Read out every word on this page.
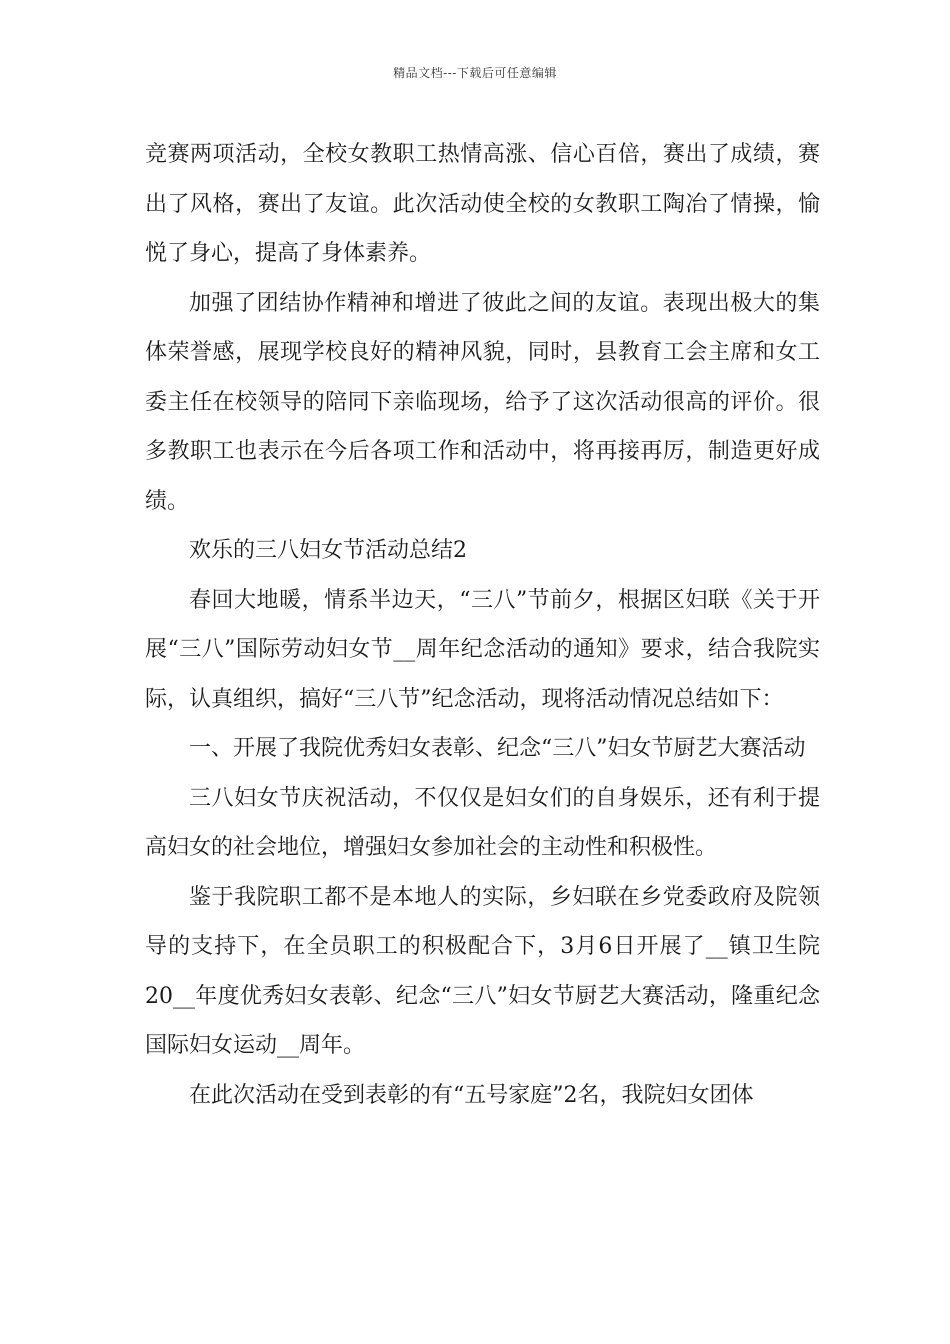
精品文档---下载后可任意编辑

竞赛两项活动，全校女教职工热情高涨、信心百倍，赛出了成绩，赛出了风格，赛出了友谊。此次活动使全校的女教职工陶冶了情操，愉悦了身心，提高了身体素养。

加强了团结协作精神和增进了彼此之间的友谊。表现出极大的集体荣誉感，展现学校良好的精神风貌，同时，县教育工会主席和女工委主任在校领导的陪同下亲临现场，给予了这次活动很高的评价。很多教职工也表示在今后各项工作和活动中，将再接再厉，制造更好成绩。

欢乐的三八妇女节活动总结2

春回大地暖，情系半边天，“三八”节前夕，根据区妇联《关于开展“三八”国际劳动妇女节__周年纪念活动的通知》要求，结合我院实际，认真组织，搞好“三八节”纪念活动，现将活动情况总结如下：

一、开展了我院优秀妇女表彰、纪念“三八”妇女节厨艺大赛活动

三八妇女节庆祝活动，不仅仅是妇女们的自身娱乐，还有利于提高妇女的社会地位，增强妇女参加社会的主动性和积极性。

鉴于我院职工都不是本地人的实际，乡妇联在乡党委政府及院领导的支持下，在全员职工的积极配合下，3月6日开展了__镇卫生院20__年度优秀妇女表彰、纪念“三八”妇女节厨艺大赛活动，隆重纪念国际妇女运动__周年。

在此次活动在受到表彰的有“五号家庭”2名，我院妇女团体
